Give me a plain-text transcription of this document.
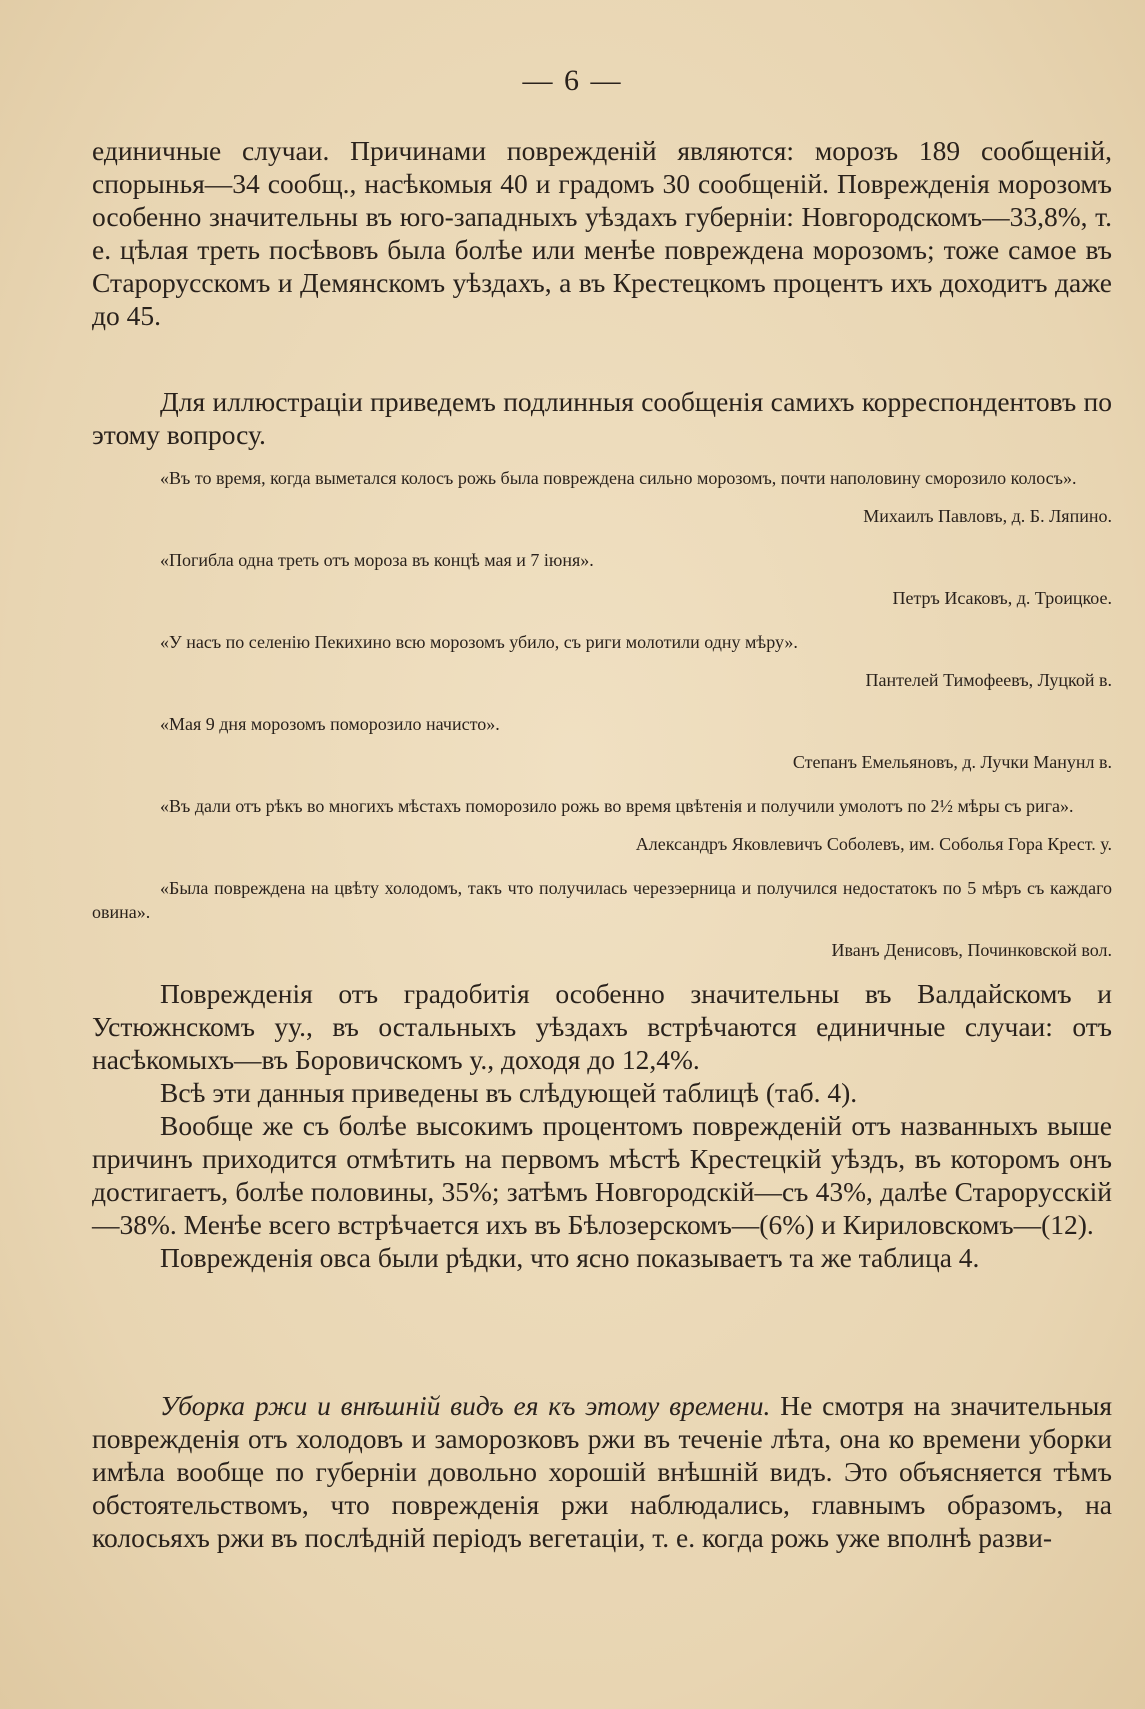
— 6 —

единичные случаи. Причинами поврежденій являются: морозъ 189 сообщеній, спорынья—34 сообщ., насѣкомыя 40 и градомъ 30 сообщеній. Поврежденія морозомъ особенно значительны въ юго-западныхъ уѣздахъ губерніи: Новгородскомъ—33,8%, т. е. цѣлая треть посѣвовъ была болѣе или менѣе повреждена морозомъ; тоже самое въ Старорусскомъ и Демянскомъ уѣздахъ, а въ Крестецкомъ процентъ ихъ доходитъ даже до 45.

Для иллюстраціи приведемъ подлинныя сообщенія самихъ корреспондентовъ по этому вопросу.

«Въ то время, когда выметался колосъ рожь была повреждена сильно морозомъ, почти наполовину сморозило колосъ».
Михаилъ Павловъ, д. Б. Ляпино.
«Погибла одна треть отъ мороза въ концѣ мая и 7 іюня».
Петръ Исаковъ, д. Троицкое.
«У насъ по селенію Пекихино всю морозомъ убило, съ риги молотили одну мѣру».
Пантелей Тимофеевъ, Луцкой в.
«Мая 9 дня морозомъ поморозило начисто».
Степанъ Емельяновъ, д. Лучки Манунл в.
«Въ дали отъ рѣкъ во многихъ мѣстахъ поморозило рожь во время цвѣтенія и получили умолотъ по 2½ мѣры съ рига».
Александръ Яковлевичъ Соболевъ, им. Соболья Гора Крест. у.
«Была повреждена на цвѣту холодомъ, такъ что получилась черезэерница и получился недостатокъ по 5 мѣръ съ каждаго овина».
Иванъ Денисовъ, Починковской вол.

Поврежденія отъ градобитія особенно значительны въ Валдайскомъ и Устюжнскомъ уу., въ остальныхъ уѣздахъ встрѣчаются единичные случаи: отъ насѣкомыхъ—въ Боровичскомъ у., доходя до 12,4%.

Всѣ эти данныя приведены въ слѣдующей таблицѣ (таб. 4).

Вообще же съ болѣе высокимъ процентомъ поврежденій отъ названныхъ выше причинъ приходится отмѣтить на первомъ мѣстѣ Крестецкій уѣздъ, въ которомъ онъ достигаетъ, болѣе половины, 35%; затѣмъ Новгородскій—съ 43%, далѣе Старорусскій—38%. Менѣе всего встрѣчается ихъ въ Бѣлозерскомъ—(6%) и Кириловскомъ—(12).

Поврежденія овса были рѣдки, что ясно показываетъ та же таблица 4.

Уборка ржи и внѣшній видъ ея къ этому времени. Не смотря на значительныя поврежденія отъ холодовъ и заморозковъ ржи въ теченіе лѣта, она ко времени уборки имѣла вообще по губерніи довольно хорошій внѣшній видъ. Это объясняется тѣмъ обстоятельствомъ, что поврежденія ржи наблюдались, главнымъ образомъ, на колосьяхъ ржи въ послѣдній періодъ вегетаціи, т. е. когда рожь уже вполнѣ разви-
